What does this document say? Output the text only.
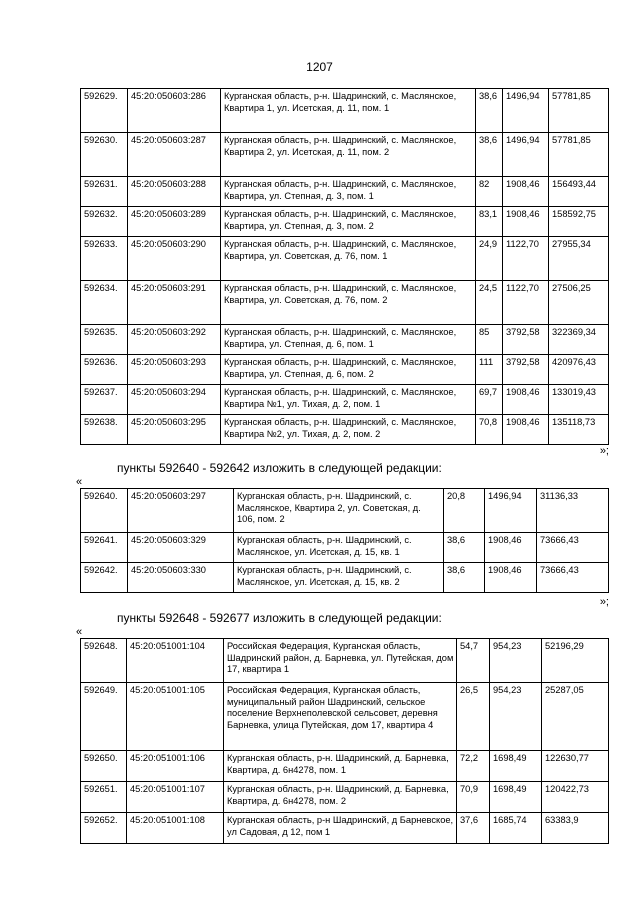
1207
592629.	45:20:050603:286	Курганская область, р-н. Шадринский, с. Маслянское, Квартира 1, ул. Исетская, д. 11, пом. 1	38,6	1496,94	57781,85
592630.	45:20:050603:287	Курганская область, р-н. Шадринский, с. Маслянское, Квартира 2, ул. Исетская, д. 11, пом. 2	38,6	1496,94	57781,85
592631.	45:20:050603:288	Курганская область, р-н. Шадринский, с. Маслянское, Квартира, ул. Степная, д. 3, пом. 1	82	1908,46	156493,44
592632.	45:20:050603:289	Курганская область, р-н. Шадринский, с. Маслянское, Квартира, ул. Степная, д. 3, пом. 2	83,1	1908,46	158592,75
592633.	45:20:050603:290	Курганская область, р-н. Шадринский, с. Маслянское, Квартира, ул. Советская, д. 76, пом. 1	24,9	1122,70	27955,34
592634.	45:20:050603:291	Курганская область, р-н. Шадринский, с. Маслянское, Квартира, ул. Советская, д. 76, пом. 2	24,5	1122,70	27506,25
592635.	45:20:050603:292	Курганская область, р-н. Шадринский, с. Маслянское, Квартира, ул. Степная, д. 6, пом. 1	85	3792,58	322369,34
592636.	45:20:050603:293	Курганская область, р-н. Шадринский, с. Маслянское, Квартира, ул. Степная, д. 6, пом. 2	111	3792,58	420976,43
592637.	45:20:050603:294	Курганская область, р-н. Шадринский, с. Маслянское, Квартира №1, ул. Тихая, д. 2, пом. 1	69,7	1908,46	133019,43
592638.	45:20:050603:295	Курганская область, р-н. Шадринский, с. Маслянское, Квартира №2, ул. Тихая, д. 2, пом. 2	70,8	1908,46	135118,73
»;
пункты 592640 - 592642 изложить в следующей редакции:
«
592640.	45:20:050603:297	Курганская область, р-н. Шадринский, с. Маслянское, Квартира 2, ул. Советская, д. 106, пом. 2	20,8	1496,94	31136,33
592641.	45:20:050603:329	Курганская область, р-н. Шадринский, с. Маслянское, ул. Исетская, д. 15, кв. 1	38,6	1908,46	73666,43
592642.	45:20:050603:330	Курганская область, р-н. Шадринский, с. Маслянское, ул. Исетская, д. 15, кв. 2	38,6	1908,46	73666,43
»;
пункты 592648 - 592677 изложить в следующей редакции:
«
592648.	45:20:051001:104	Российская Федерация, Курганская область, Шадринский район, д. Барневка, ул. Путейская, дом 17, квартира 1	54,7	954,23	52196,29
592649.	45:20:051001:105	Российская Федерация, Курганская область, муниципальный район Шадринский, сельское поселение Верхнеполевской сельсовет, деревня Барневка, улица Путейская, дом 17, квартира 4	26,5	954,23	25287,05
592650.	45:20:051001:106	Курганская область, р-н. Шадринский, д. Барневка, Квартира, д. 6н4278, пом. 1	72,2	1698,49	122630,77
592651.	45:20:051001:107	Курганская область, р-н. Шадринский, д. Барневка, Квартира, д. 6н4278, пом. 2	70,9	1698,49	120422,73
592652.	45:20:051001:108	Курганская область, р-н Шадринский, д Барневское, ул Садовая, д 12, пом 1	37,6	1685,74	63383,9
